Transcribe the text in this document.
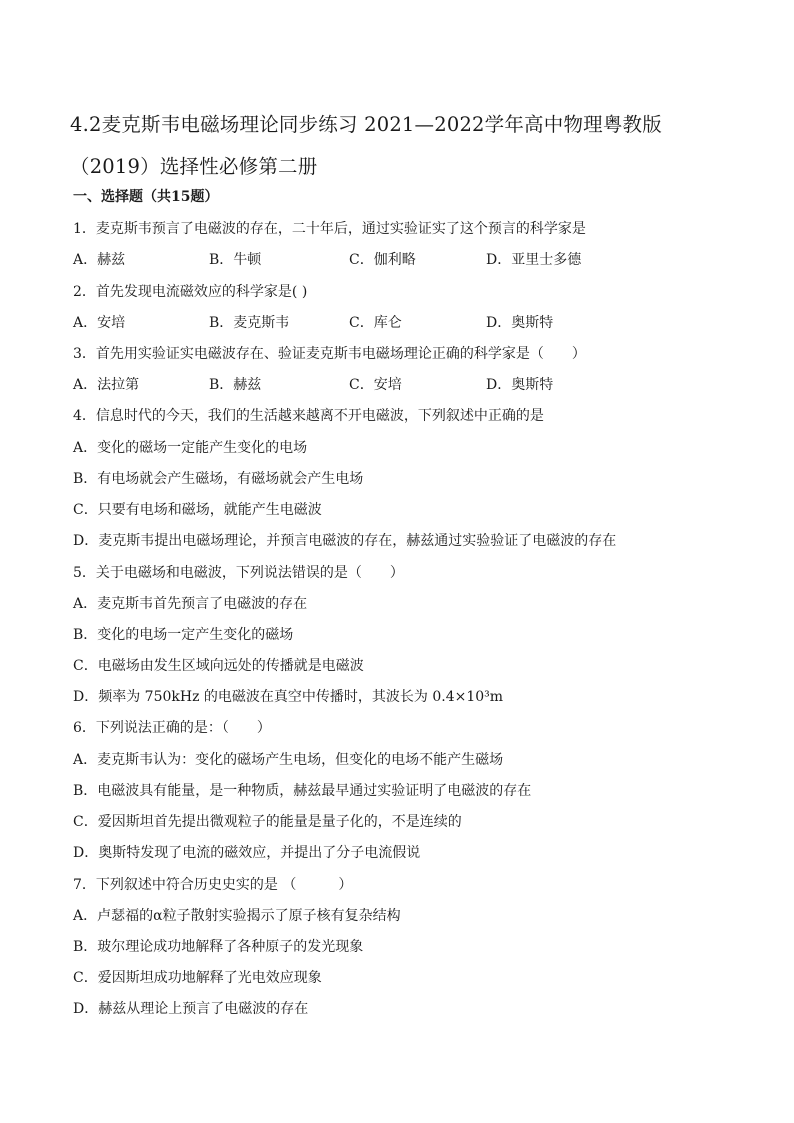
4.2麦克斯韦电磁场理论同步练习 2021—2022学年高中物理粤教版
（2019）选择性必修第二册
一、选择题（共15题）
1．麦克斯韦预言了电磁波的存在，二十年后，通过实验证实了这个预言的科学家是
A．赫兹	B．牛顿	C．伽利略	D．亚里士多德
2．首先发现电流磁效应的科学家是( )
A．安培	B．麦克斯韦	C．库仑	D．奥斯特
3．首先用实验证实电磁波存在、验证麦克斯韦电磁场理论正确的科学家是（　　）
A．法拉第	B．赫兹	C．安培	D．奥斯特
4．信息时代的今天，我们的生活越来越离不开电磁波，下列叙述中正确的是
A．变化的磁场一定能产生变化的电场
B．有电场就会产生磁场，有磁场就会产生电场
C．只要有电场和磁场，就能产生电磁波
D．麦克斯韦提出电磁场理论，并预言电磁波的存在，赫兹通过实验验证了电磁波的存在
5．关于电磁场和电磁波，下列说法错误的是（　　）
A．麦克斯韦首先预言了电磁波的存在
B．变化的电场一定产生变化的磁场
C．电磁场由发生区域向远处的传播就是电磁波
D．频率为 750kHz 的电磁波在真空中传播时，其波长为 0.4×10³m
6．下列说法正确的是：（　　）
A．麦克斯韦认为：变化的磁场产生电场，但变化的电场不能产生磁场
B．电磁波具有能量，是一种物质，赫兹最早通过实验证明了电磁波的存在
C．爱因斯坦首先提出微观粒子的能量是量子化的，不是连续的
D．奥斯特发现了电流的磁效应，并提出了分子电流假说
7．下列叙述中符合历史史实的是 （　　　）
A．卢瑟福的α粒子散射实验揭示了原子核有复杂结构
B．玻尔理论成功地解释了各种原子的发光现象
C．爱因斯坦成功地解释了光电效应现象
D．赫兹从理论上预言了电磁波的存在
